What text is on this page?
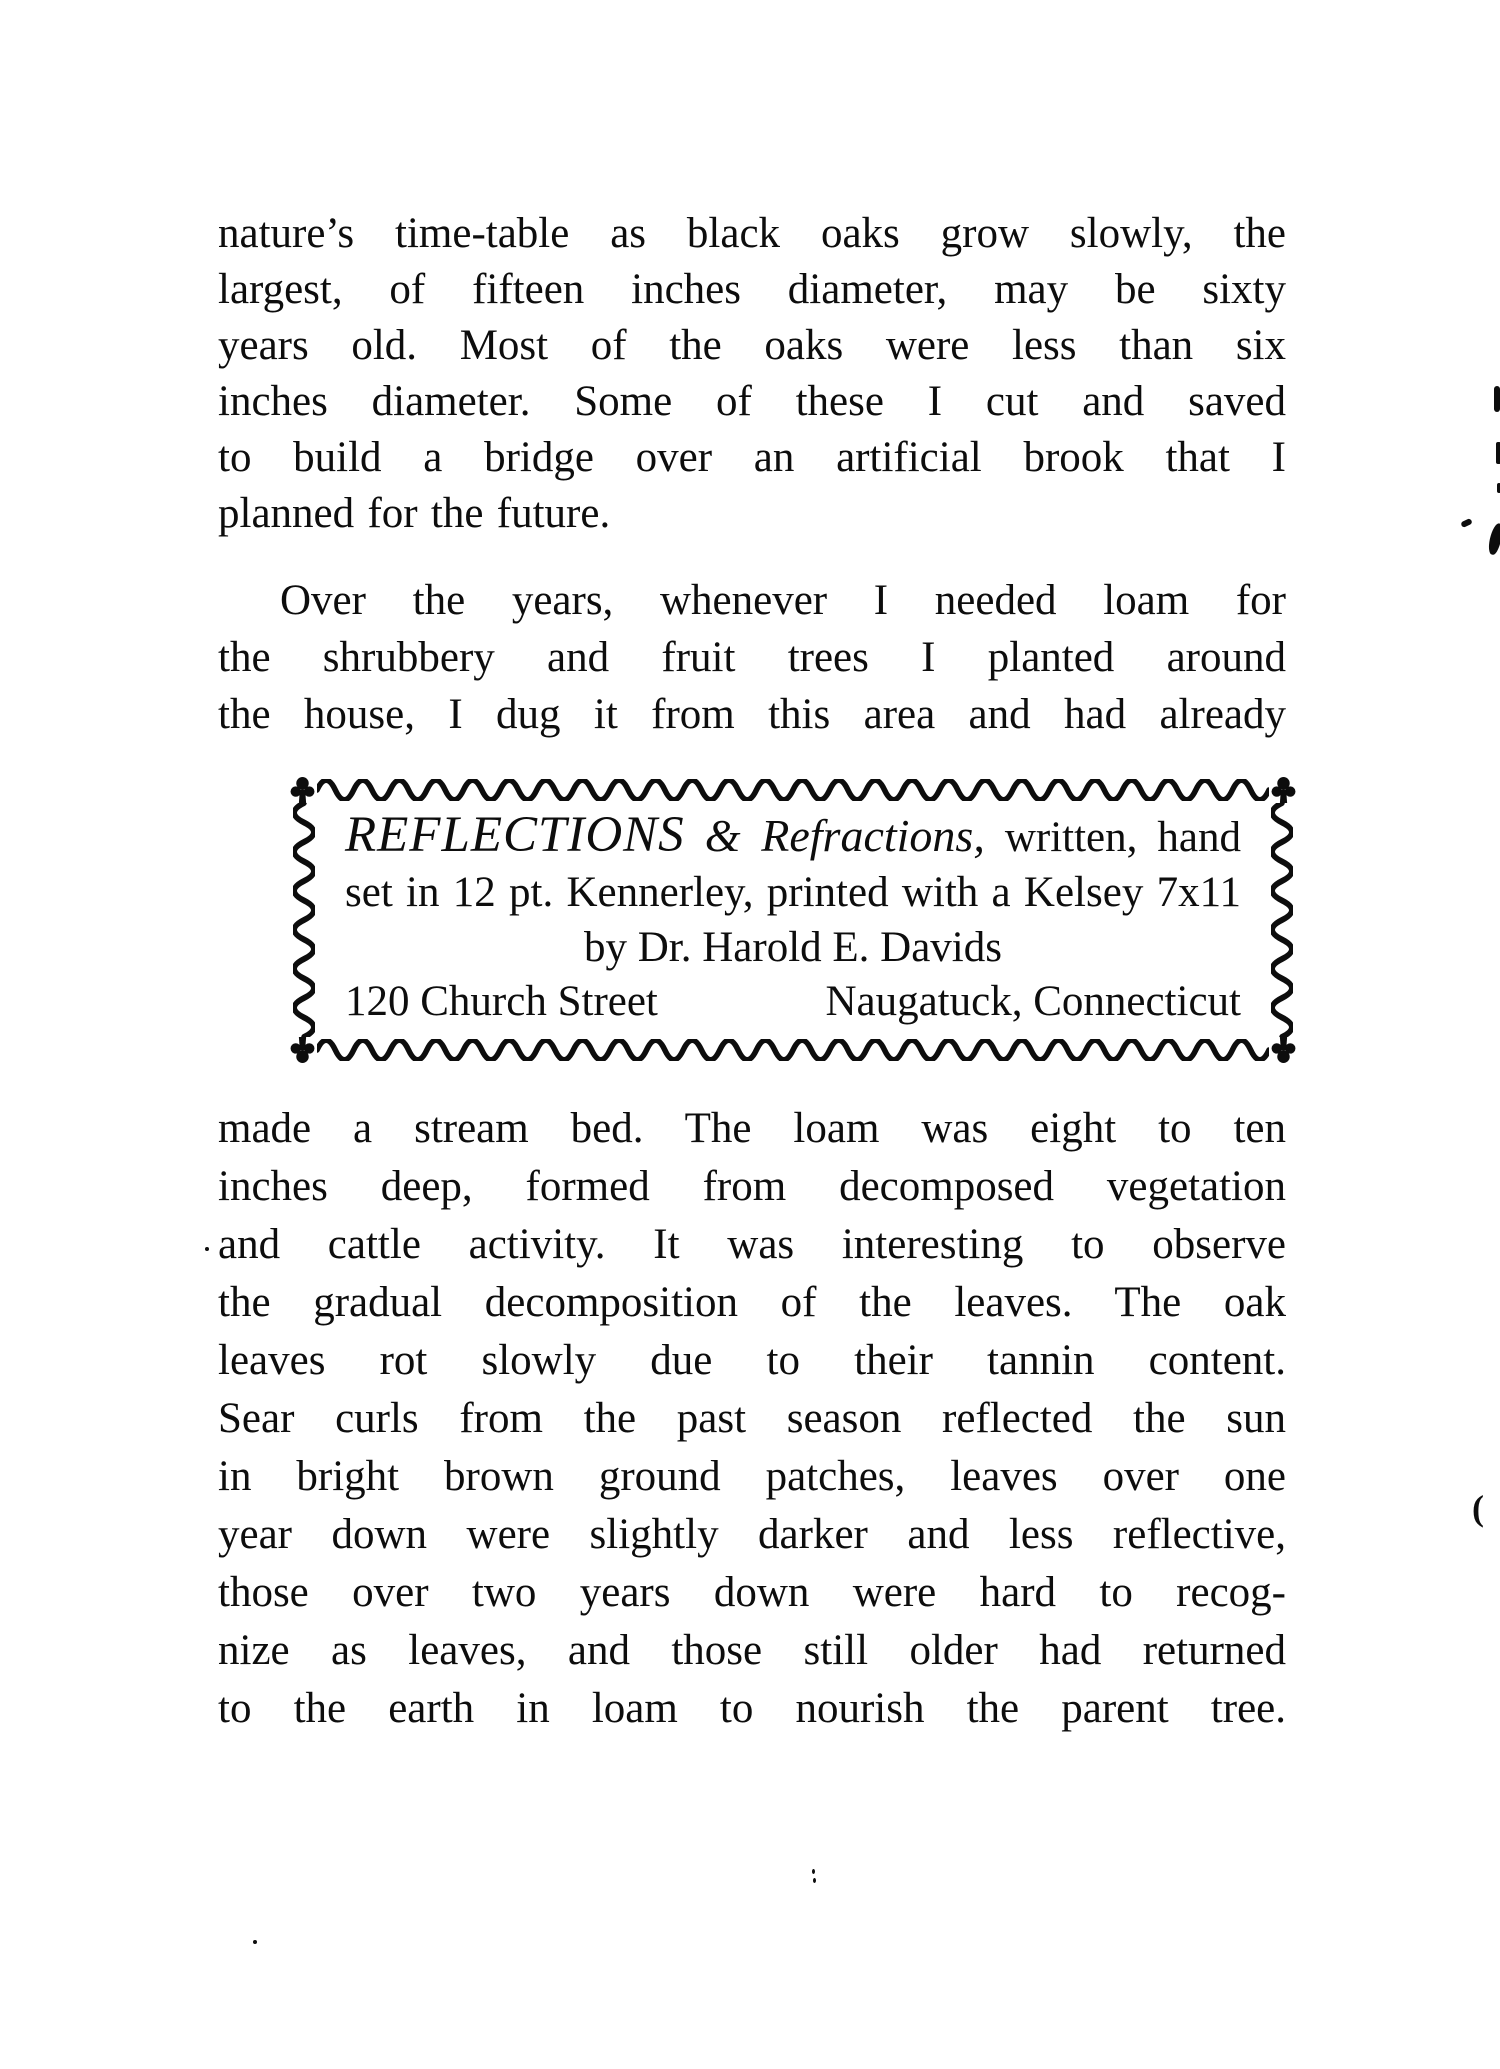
nature’s time-table as black oaks grow slowly, the
largest, of fifteen inches diameter, may be sixty
years old. Most of the oaks were less than six
inches diameter. Some of these I cut and saved
to build a bridge over an artificial brook that I
planned for the future.
Over the years, whenever I needed loam for
the shrubbery and fruit trees I planted around
the house, I dug it from this area and had already
REFLECTIONS & Refractions, written, hand
set in 12 pt. Kennerley, printed with a Kelsey 7x11
by Dr. Harold E. Davids
120 Church Street	Naugatuck, Connecticut
made a stream bed. The loam was eight to ten
inches deep, formed from decomposed vegetation
and cattle activity. It was interesting to observe
the gradual decomposition of the leaves. The oak
leaves rot slowly due to their tannin content.
Sear curls from the past season reflected the sun
in bright brown ground patches, leaves over one
year down were slightly darker and less reflective,
those over two years down were hard to recog-
nize as leaves, and those still older had returned
to the earth in loam to nourish the parent tree.
(
